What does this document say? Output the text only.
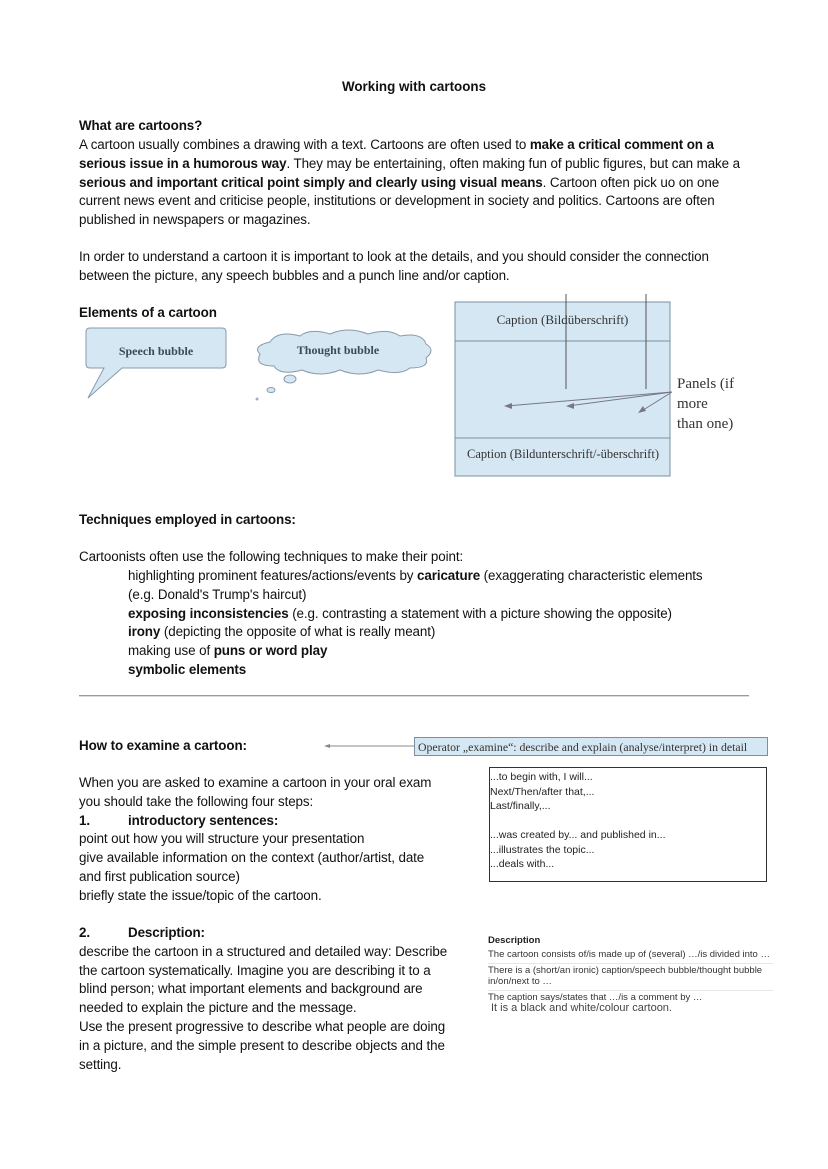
Working with cartoons
What are cartoons?
A cartoon usually combines a drawing with a text. Cartoons are often used to make a critical comment on a serious issue in a humorous way. They may be entertaining, often making fun of public figures, but can make a serious and important critical point simply and clearly using visual means. Cartoon often pick uo on one current news event and criticise people, institutions or development in society and politics. Cartoons are often published in newspapers or magazines.
In order to understand a cartoon it is important to look at the details, and you should consider the connection between the picture, any speech bubbles and a punch line and/or caption.
Elements of a cartoon
Speech bubble	Thought bubble
Caption (Bildüberschrift)
Caption (Bildunterschrift/-überschrift)
Panels (if
more
than one)
Techniques employed in cartoons:
Cartoonists often use the following techniques to make their point:
highlighting prominent features/actions/events by caricature (exaggerating characteristic elements
(e.g. Donald's Trump's haircut)
exposing inconsistencies (e.g. contrasting a statement with a picture showing the opposite)
irony (depicting the opposite of what is really meant)
making use of puns or word play
symbolic elements
How to examine a cartoon:	Operator „examine“: describe and explain (analyse/interpret) in detail
When you are asked to examine a cartoon in your oral exam
you should take the following four steps:
1.	introductory sentences:
point out how you will structure your presentation
give available information on the context (author/artist, date
and first publication source)
briefly state the issue/topic of the cartoon.
...to begin with, I will...
Next/Then/after that,...
Last/finally,...
...was created by... and published in...
...illustrates the topic...
...deals with...
2.	Description:
describe the cartoon in a structured and detailed way: Describe
the cartoon systematically. Imagine you are describing it to a
blind person; what important elements and background are
needed to explain the picture and the message.
Use the present progressive to describe what people are doing
in a picture, and the simple present to describe objects and the
setting.
Description
The cartoon consists of/is made up of (several) …/is divided into …
There is a (short/an ironic) caption/speech bubble/thought bubble in/on/next to …
The caption says/states that …/is a comment by …
It is a black and white/colour cartoon.
